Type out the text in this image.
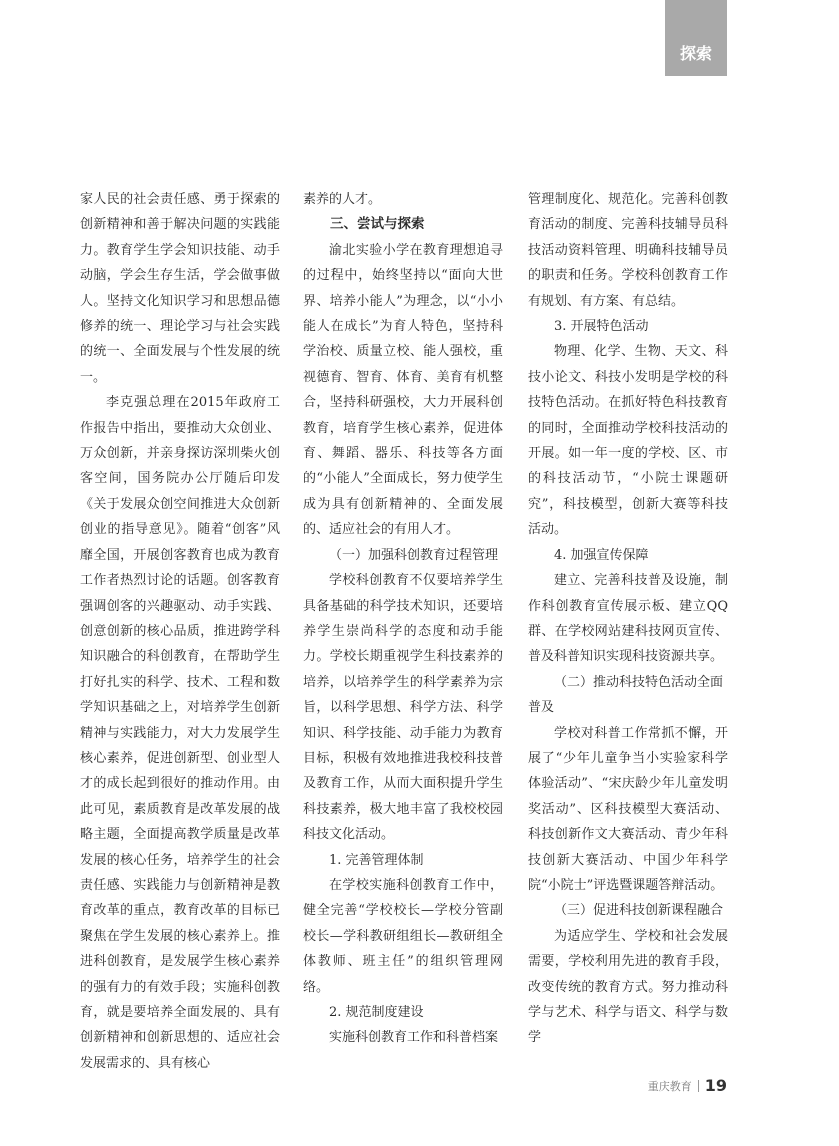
探索

家人民的社会责任感、勇于探索的创新精神和善于解决问题的实践能力。教育学生学会知识技能、动手动脑，学会生存生活，学会做事做人。坚持文化知识学习和思想品德修养的统一、理论学习与社会实践的统一、全面发展与个性发展的统一。

李克强总理在2015年政府工作报告中指出，要推动大众创业、万众创新，并亲身探访深圳柴火创客空间，国务院办公厅随后印发《关于发展众创空间推进大众创新创业的指导意见》。随着“创客”风靡全国，开展创客教育也成为教育工作者热烈讨论的话题。创客教育强调创客的兴趣驱动、动手实践、创意创新的核心品质，推进跨学科知识融合的科创教育，在帮助学生打好扎实的科学、技术、工程和数学知识基础之上，对培养学生创新精神与实践能力，对大力发展学生核心素养，促进创新型、创业型人才的成长起到很好的推动作用。由此可见，素质教育是改革发展的战略主题，全面提高教学质量是改革发展的核心任务，培养学生的社会责任感、实践能力与创新精神是教育改革的重点，教育改革的目标已聚焦在学生发展的核心素养上。推进科创教育，是发展学生核心素养的强有力的有效手段；实施科创教育，就是要培养全面发展的、具有创新精神和创新思想的、适应社会发展需求的、具有核心

素养的人才。

三、尝试与探索

渝北实验小学在教育理想追寻的过程中，始终坚持以“面向大世界、培养小能人”为理念，以“小小能人在成长”为育人特色，坚持科学治校、质量立校、能人强校，重视德育、智育、体育、美育有机整合，坚持科研强校，大力开展科创教育，培育学生核心素养，促进体育、舞蹈、器乐、科技等各方面的“小能人”全面成长，努力使学生成为具有创新精神的、全面发展的、适应社会的有用人才。

（一）加强科创教育过程管理

学校科创教育不仅要培养学生具备基础的科学技术知识，还要培养学生崇尚科学的态度和动手能力。学校长期重视学生科技素养的培养，以培养学生的科学素养为宗旨，以科学思想、科学方法、科学知识、科学技能、动手能力为教育目标，积极有效地推进我校科技普及教育工作，从而大面积提升学生科技素养，极大地丰富了我校校园科技文化活动。

1. 完善管理体制

在学校实施科创教育工作中，健全完善“学校校长—学校分管副校长—学科教研组组长—教研组全体教师、班主任”的组织管理网络。

2. 规范制度建设

实施科创教育工作和科普档案

管理制度化、规范化。完善科创教育活动的制度、完善科技辅导员科技活动资料管理、明确科技辅导员的职责和任务。学校科创教育工作有规划、有方案、有总结。

3. 开展特色活动

物理、化学、生物、天文、科技小论文、科技小发明是学校的科技特色活动。在抓好特色科技教育的同时，全面推动学校科技活动的开展。如一年一度的学校、区、市的科技活动节，“小院士课题研究”，科技模型，创新大赛等科技活动。

4. 加强宣传保障

建立、完善科技普及设施，制作科创教育宣传展示板、建立QQ群、在学校网站建科技网页宣传、普及科普知识实现科技资源共享。

（二）推动科技特色活动全面普及

学校对科普工作常抓不懈，开展了“少年儿童争当小实验家科学体验活动”、“宋庆龄少年儿童发明奖活动”、区科技模型大赛活动、科技创新作文大赛活动、青少年科技创新大赛活动、中国少年科学院“小院士”评选暨课题答辩活动。

（三）促进科技创新课程融合

为适应学生、学校和社会发展需要，学校利用先进的教育手段，改变传统的教育方式。努力推动科学与艺术、科学与语文、科学与数学

重庆教育 19
